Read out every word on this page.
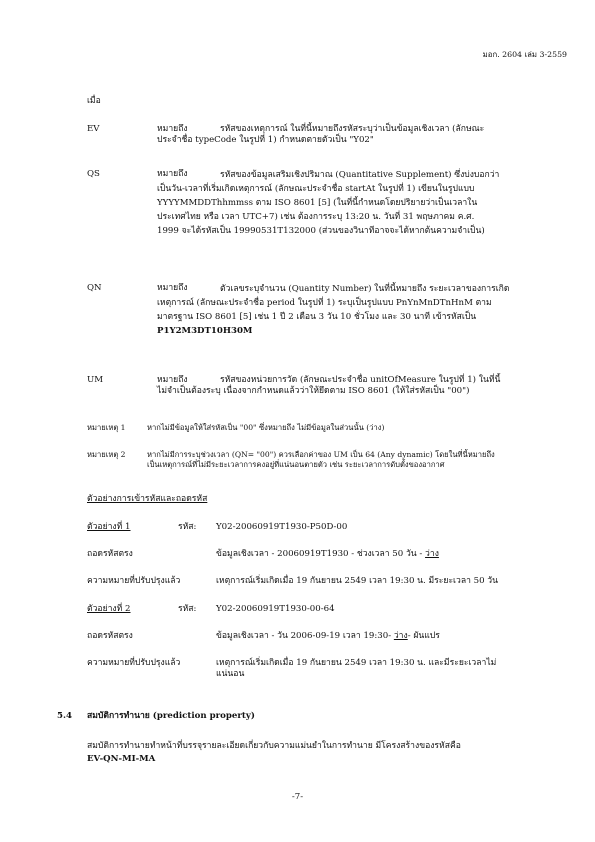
มอก. 2604 เล่ม 3-2559
เมื่อ
EV	หมายถึง	รหัสของเหตุการณ์ ในที่นี้หมายถึงรหัสระบุว่าเป็นข้อมูลเชิงเวลา (ลักษณะ
ประจำชื่อ typeCode ในรูปที่ 1) กำหนดตายตัวเป็น "Y02"
QS	หมายถึง	รหัสของข้อมูลเสริมเชิงปริมาณ (Quantitative Supplement) ซึ่งบ่งบอกว่า
เป็นวัน-เวลาที่เริ่มเกิดเหตุการณ์ (ลักษณะประจำชื่อ startAt ในรูปที่ 1) เขียนในรูปแบบ
YYYYMMDDThhmmss ตาม ISO 8601 [5] (ในที่นี้กำหนดโดยปริยายว่าเป็นเวลาใน
ประเทศไทย หรือ เวลา UTC+7) เช่น ต้องการระบุ 13:20 น. วันที่ 31 พฤษภาคม ค.ศ.
1999 จะได้รหัสเป็น 19990531T132000 (ส่วนของวินาทีอาจจะได้หากต้นความจำเป็น)
QN	หมายถึง	ตัวเลขระบุจำนวน (Quantity Number) ในที่นี้หมายถึง ระยะเวลาของการเกิด
เหตุการณ์ (ลักษณะประจำชื่อ period ในรูปที่ 1) ระบุเป็นรูปแบบ PnYnMnDTnHnM ตาม
มาตรฐาน ISO 8601 [5] เช่น 1 ปี 2 เดือน 3 วัน 10 ชั่วโมง และ 30 นาที เข้ารหัสเป็น
P1Y2M3DT10H30M
UM	หมายถึง	รหัสของหน่วยการวัด (ลักษณะประจำชื่อ unitOfMeasure ในรูปที่ 1) ในที่นี้
ไม่จำเป็นต้องระบุ เนื่องจากกำหนดแล้วว่าให้ยึดตาม ISO 8601 (ให้ใส่รหัสเป็น "00")
หมายเหตุ 1	หากไม่มีข้อมูลให้ใส่รหัสเป็น "00" ซึ่งหมายถึง ไม่มีข้อมูลในส่วนนั้น (ว่าง)
หมายเหตุ 2	หากไม่มีการระบุช่วงเวลา (QN= "00") ควรเลือกค่าของ UM เป็น 64 (Any dynamic) โดยในที่นี้หมายถึง
เป็นเหตุการณ์ที่ไม่มีระยะเวลาการคงอยู่ที่แน่นอนตายตัว เช่น ระยะเวลาการดับตั้งของอากาศ
ตัวอย่างการเข้ารหัสและถอดรหัส
ตัวอย่างที่ 1	รหัส: Y02-20060919T1930-P50D-00
ถอดรหัสตรง	ข้อมูลเชิงเวลา - 20060919T1930 - ช่วงเวลา 50 วัน - ว่าง
ความหมายที่ปรับปรุงแล้ว	เหตุการณ์เริ่มเกิดเมื่อ 19 กันยายน 2549 เวลา 19:30 น. มีระยะเวลา 50 วัน
ตัวอย่างที่ 2	รหัส: Y02-20060919T1930-00-64
ถอดรหัสตรง	ข้อมูลเชิงเวลา - วัน 2006-09-19 เวลา 19:30- ว่าง- ผันแปร
ความหมายที่ปรับปรุงแล้ว	เหตุการณ์เริ่มเกิดเมื่อ 19 กันยายน 2549 เวลา 19:30 น. และมีระยะเวลาไม่
แน่นอน
5.4 สมบัติการทำนาย (prediction property)
สมบัติการทำนายทำหน้าที่บรรจุรายละเอียดเกี่ยวกับความแม่นยำในการทำนาย มีโครงสร้างของรหัสคือ
EV-QN-MI-MA
-7-
